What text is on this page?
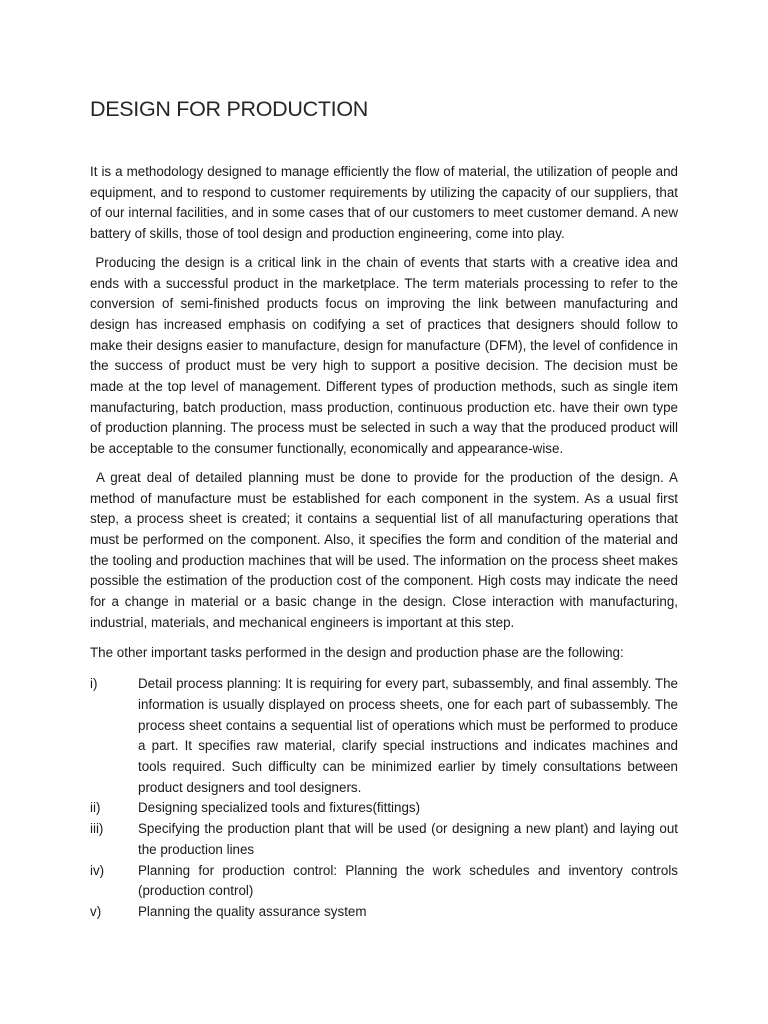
DESIGN FOR PRODUCTION

It is a methodology designed to manage efficiently the flow of material, the utilization of people and equipment, and to respond to customer requirements by utilizing the capacity of our suppliers, that of our internal facilities, and in some cases that of our customers to meet customer demand. A new battery of skills, those of tool design and production engineering, come into play.

Producing the design is a critical link in the chain of events that starts with a creative idea and ends with a successful product in the marketplace. The term materials processing to refer to the conversion of semi-finished products focus on improving the link between manufacturing and design has increased emphasis on codifying a set of practices that designers should follow to make their designs easier to manufacture, design for manufacture (DFM), the level of confidence in the success of product must be very high to support a positive decision. The decision must be made at the top level of management. Different types of production methods, such as single item manufacturing, batch production, mass production, continuous production etc. have their own type of production planning. The process must be selected in such a way that the produced product will be acceptable to the consumer functionally, economically and appearance-wise.

A great deal of detailed planning must be done to provide for the production of the design. A method of manufacture must be established for each component in the system. As a usual first step, a process sheet is created; it contains a sequential list of all manufacturing operations that must be performed on the component. Also, it specifies the form and condition of the material and the tooling and production machines that will be used. The information on the process sheet makes possible the estimation of the production cost of the component. High costs may indicate the need for a change in material or a basic change in the design. Close interaction with manufacturing, industrial, materials, and mechanical engineers is important at this step.

The other important tasks performed in the design and production phase are the following:

i)	Detail process planning: It is requiring for every part, subassembly, and final assembly. The information is usually displayed on process sheets, one for each part of subassembly. The process sheet contains a sequential list of operations which must be performed to produce a part. It specifies raw material, clarify special instructions and indicates machines and tools required. Such difficulty can be minimized earlier by timely consultations between product designers and tool designers.
ii)	Designing specialized tools and fixtures(fittings)
iii)	Specifying the production plant that will be used (or designing a new plant) and laying out the production lines
iv)	Planning for production control: Planning the work schedules and inventory controls (production control)
v)	Planning the quality assurance system
